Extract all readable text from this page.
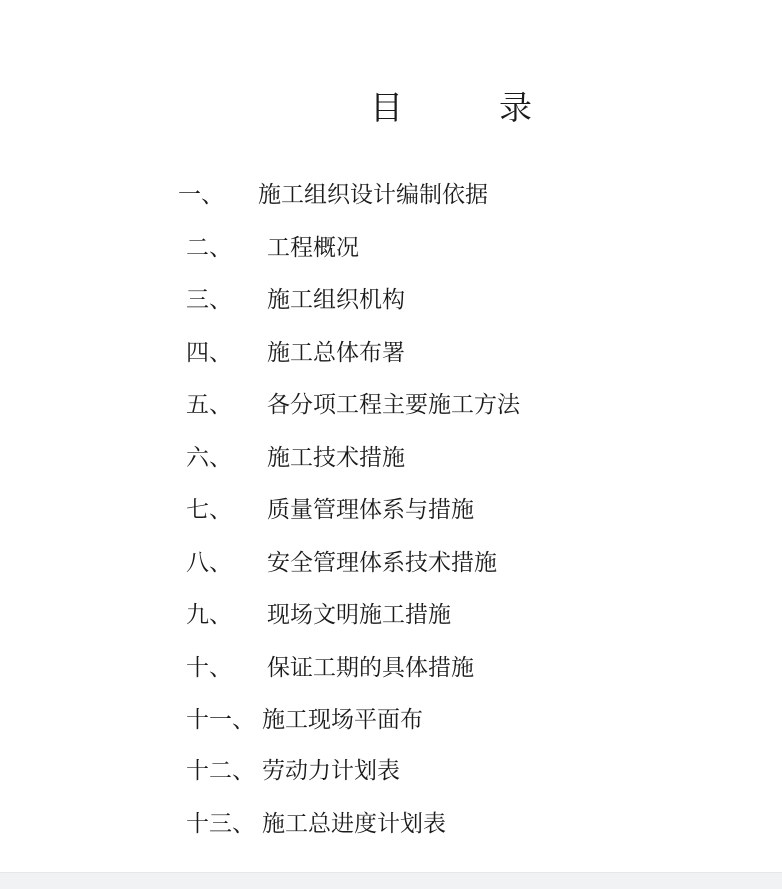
目	录
一、 施工组织设计编制依据
二、 工程概况
三、 施工组织机构
四、 施工总体布署
五、 各分项工程主要施工方法
六、 施工技术措施
七、 质量管理体系与措施
八、 安全管理体系技术措施
九、 现场文明施工措施
十、 保证工期的具体措施
十一、 施工现场平面布
十二、 劳动力计划表
十三、 施工总进度计划表
